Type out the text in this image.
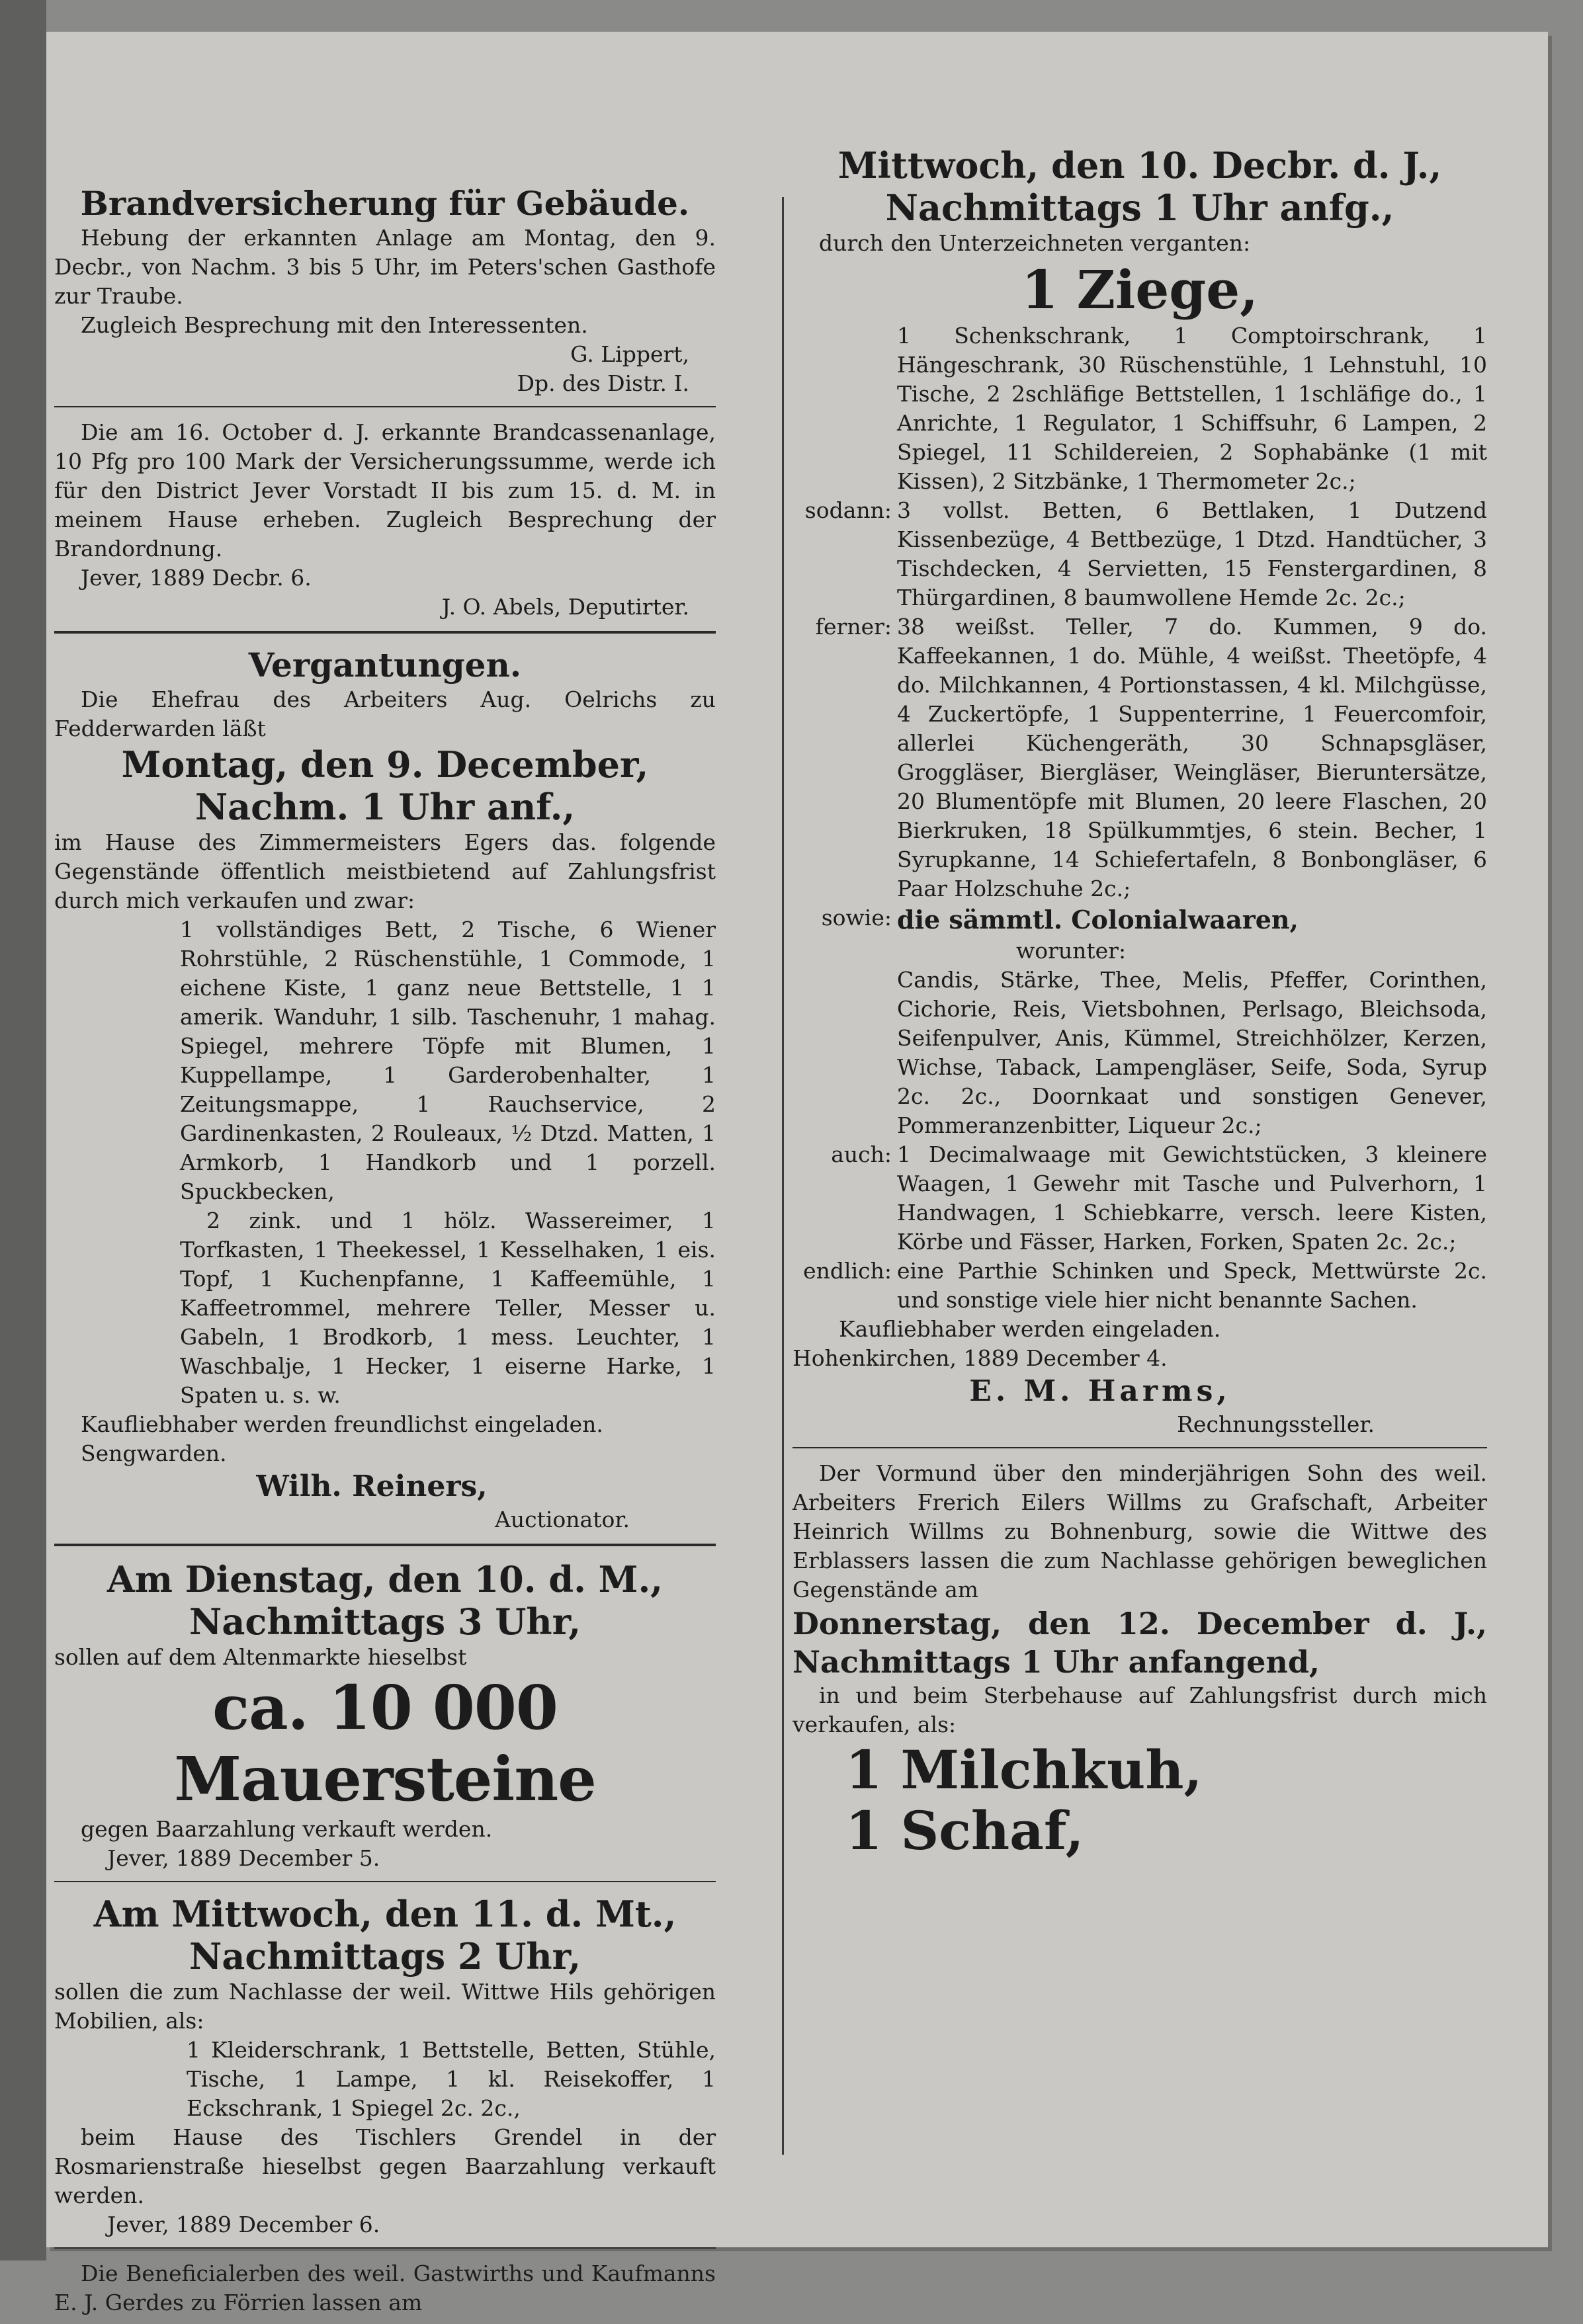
Brandversicherung für Gebäude.

Hebung der erkannten Anlage am Montag, den 9. Decbr., von Nachm. 3 bis 5 Uhr, im Peters'schen Gasthofe zur Traube.

Zugleich Besprechung mit den Interessenten.

G. Lippert,

Dp. des Distr. I.

Die am 16. October d. J. erkannte Brandcassenanlage, 10 Pfg pro 100 Mark der Versicherungssumme, werde ich für den District Jever Vorstadt II bis zum 15. d. M. in meinem Hause erheben. Zugleich Besprechung der Brandordnung.

Jever, 1889 Decbr. 6.

J. O. Abels, Deputirter.

Vergantungen.

Die Ehefrau des Arbeiters Aug. Oelrichs zu Fedderwarden läßt

Montag, den 9. December,
Nachm. 1 Uhr anf.,

im Hause des Zimmermeisters Egers das. folgende Gegenstände öffentlich meistbietend auf Zahlungsfrist durch mich verkaufen und zwar:

1 vollständiges Bett, 2 Tische, 6 Wiener Rohrstühle, 2 Rüschenstühle, 1 Commode, 1 eichene Kiste, 1 ganz neue Bettstelle, 1 1 amerik. Wanduhr, 1 silb. Taschenuhr, 1 mahag. Spiegel, mehrere Töpfe mit Blumen, 1 Kuppellampe, 1 Garderobenhalter, 1 Zeitungsmappe, 1 Rauchservice, 2 Gardinenkasten, 2 Rouleaux, ½ Dtzd. Matten, 1 Armkorb, 1 Handkorb und 1 porzell. Spuckbecken,

2 zink. und 1 hölz. Wassereimer, 1 Torfkasten, 1 Theekessel, 1 Kesselhaken, 1 eis. Topf, 1 Kuchenpfanne, 1 Kaffeemühle, 1 Kaffeetrommel, mehrere Teller, Messer u. Gabeln, 1 Brodkorb, 1 mess. Leuchter, 1 Waschbalje, 1 Hecker, 1 eiserne Harke, 1 Spaten u. s. w.

Kaufliebhaber werden freundlichst eingeladen.

Sengwarden.

Wilh. Reiners,

Auctionator.

Am Dienstag, den 10. d. M.,
Nachmittags 3 Uhr,

sollen auf dem Altenmarkte hieselbst

ca. 10 000 Mauersteine

gegen Baarzahlung verkauft werden.

Jever, 1889 December 5.

Am Mittwoch, den 11. d. Mt.,
Nachmittags 2 Uhr,

sollen die zum Nachlasse der weil. Wittwe Hils gehörigen Mobilien, als:

1 Kleiderschrank, 1 Bettstelle, Betten, Stühle, Tische, 1 Lampe, 1 kl. Reisekoffer, 1 Eckschrank, 1 Spiegel 2c. 2c.,

beim Hause des Tischlers Grendel in der Rosmarienstraße hieselbst gegen Baarzahlung verkauft werden.

Jever, 1889 December 6.

Die Beneficialerben des weil. Gastwirths und Kaufmanns E. J. Gerdes zu Förrien lassen am

Mittwoch, den 10. Decbr. d. J.,
Nachmittags 1 Uhr anfg.,

durch den Unterzeichneten verganten:

1 Ziege,

1 Schenkschrank, 1 Comptoirschrank, 1 Hängeschrank, 30 Rüschenstühle, 1 Lehnstuhl, 10 Tische, 2 2schläfige Bettstellen, 1 1schläfige do., 1 Anrichte, 1 Regulator, 1 Schiffsuhr, 6 Lampen, 2 Spiegel, 11 Schildereien, 2 Sophabänke (1 mit Kissen), 2 Sitzbänke, 1 Thermometer 2c.;

sodann: 3 vollst. Betten, 6 Bettlaken, 1 Dutzend Kissenbezüge, 4 Bettbezüge, 1 Dtzd. Handtücher, 3 Tischdecken, 4 Servietten, 15 Fenstergardinen, 8 Thürgardinen, 8 baumwollene Hemde 2c. 2c.;

ferner: 38 weißst. Teller, 7 do. Kummen, 9 do. Kaffeekannen, 1 do. Mühle, 4 weißst. Theetöpfe, 4 do. Milchkannen, 4 Portionstassen, 4 kl. Milchgüsse, 4 Zuckertöpfe, 1 Suppenterrine, 1 Feuercomfoir, allerlei Küchengeräth, 30 Schnapsgläser, Groggläser, Biergläser, Weingläser, Bieruntersätze, 20 Blumentöpfe mit Blumen, 20 leere Flaschen, 20 Bierkruken, 18 Spülkummtjes, 6 stein. Becher, 1 Syrupkanne, 14 Schiefertafeln, 8 Bonbongläser, 6 Paar Holzschuhe 2c.;

sowie: die sämmtl. Colonialwaaren,

worunter:

Candis, Stärke, Thee, Melis, Pfeffer, Corinthen, Cichorie, Reis, Vietsbohnen, Perlsago, Bleichsoda, Seifenpulver, Anis, Kümmel, Streichhölzer, Kerzen, Wichse, Taback, Lampengläser, Seife, Soda, Syrup 2c. 2c., Doornkaat und sonstigen Genever, Pommeranzenbitter, Liqueur 2c.;

auch: 1 Decimalwaage mit Gewichtstücken, 3 kleinere Waagen, 1 Gewehr mit Tasche und Pulverhorn, 1 Handwagen, 1 Schiebkarre, versch. leere Kisten, Körbe und Fässer, Harken, Forken, Spaten 2c. 2c.;

endlich: eine Parthie Schinken und Speck, Mettwürste 2c. und sonstige viele hier nicht benannte Sachen.

Kaufliebhaber werden eingeladen.

Hohenkirchen, 1889 December 4.

E. M. Harms,

Rechnungssteller.

Der Vormund über den minderjährigen Sohn des weil. Arbeiters Frerich Eilers Willms zu Grafschaft, Arbeiter Heinrich Willms zu Bohnenburg, sowie die Wittwe des Erblassers lassen die zum Nachlasse gehörigen beweglichen Gegenstände am

Donnerstag, den 12. December d. J., Nachmittags 1 Uhr anfangend,

in und beim Sterbehause auf Zahlungsfrist durch mich verkaufen, als:

1 Milchkuh,
1 Schaf,
